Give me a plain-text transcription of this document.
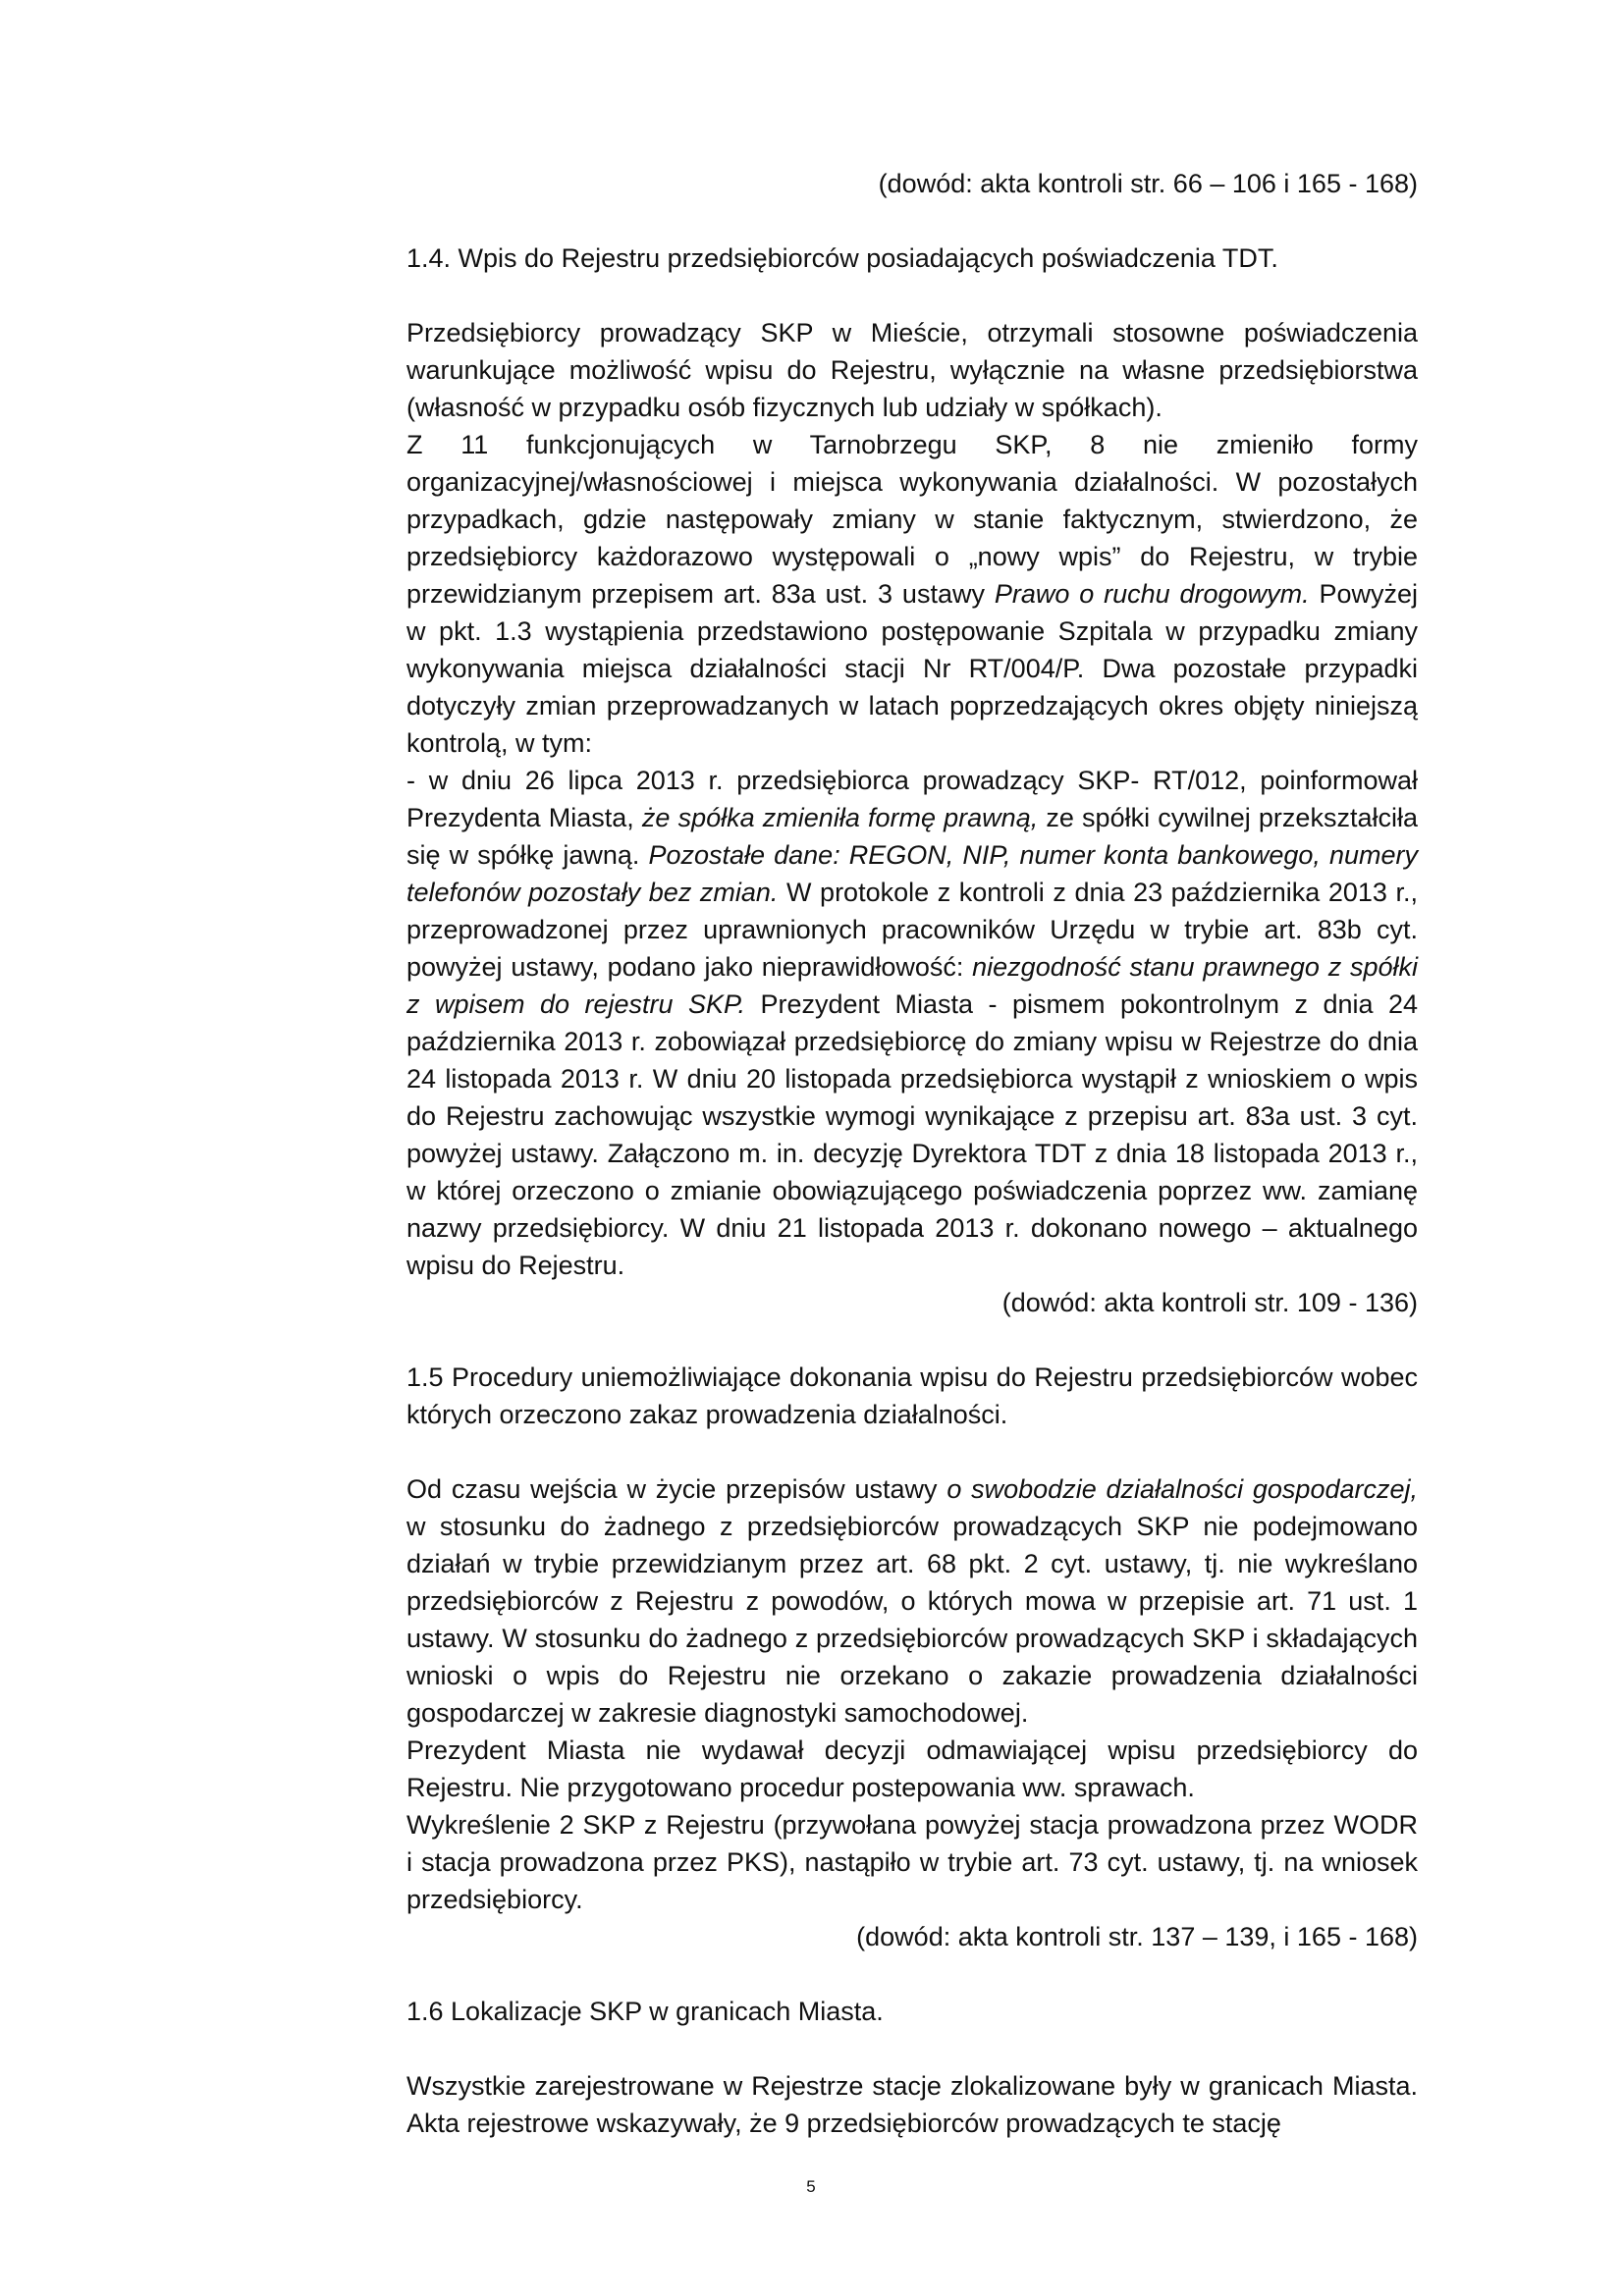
(dowód: akta kontroli str. 66 – 106 i 165 - 168)

1.4. Wpis do Rejestru przedsiębiorców posiadających poświadczenia TDT.

Przedsiębiorcy prowadzący SKP w Mieście, otrzymali stosowne poświadczenia warunkujące możliwość wpisu do Rejestru, wyłącznie na własne przedsiębiorstwa (własność w przypadku osób fizycznych lub udziały w spółkach).

Z 11 funkcjonujących w Tarnobrzegu SKP, 8 nie zmieniło formy organizacyjnej/własnościowej i miejsca wykonywania działalności. W pozostałych przypadkach, gdzie następowały zmiany w stanie faktycznym, stwierdzono, że przedsiębiorcy każdorazowo występowali o „nowy wpis” do Rejestru, w trybie przewidzianym przepisem art. 83a ust. 3 ustawy Prawo o ruchu drogowym. Powyżej w pkt. 1.3 wystąpienia przedstawiono postępowanie Szpitala w przypadku zmiany wykonywania miejsca działalności stacji Nr RT/004/P. Dwa pozostałe przypadki dotyczyły zmian przeprowadzanych w latach poprzedzających okres objęty niniejszą kontrolą, w tym:

- w dniu 26 lipca 2013 r. przedsiębiorca prowadzący SKP- RT/012, poinformował Prezydenta Miasta, że spółka zmieniła formę prawną, ze spółki cywilnej przekształciła się w spółkę jawną. Pozostałe dane: REGON, NIP, numer konta bankowego, numery telefonów pozostały bez zmian. W protokole z kontroli z dnia 23 października 2013 r., przeprowadzonej przez uprawnionych pracowników Urzędu w trybie art. 83b cyt. powyżej ustawy, podano jako nieprawidłowość: niezgodność stanu prawnego z spółki z wpisem do rejestru SKP. Prezydent Miasta - pismem pokontrolnym z dnia 24 października 2013 r. zobowiązał przedsiębiorcę do zmiany wpisu w Rejestrze do dnia 24 listopada 2013 r. W dniu 20 listopada przedsiębiorca wystąpił z wnioskiem o wpis do Rejestru zachowując wszystkie wymogi wynikające z przepisu art. 83a ust. 3 cyt. powyżej ustawy. Załączono m. in. decyzję Dyrektora TDT z dnia 18 listopada 2013 r., w której orzeczono o zmianie obowiązującego poświadczenia poprzez ww. zamianę nazwy przedsiębiorcy. W dniu 21 listopada 2013 r. dokonano nowego – aktualnego wpisu do Rejestru.

(dowód: akta kontroli str. 109 - 136)

1.5 Procedury uniemożliwiające dokonania wpisu do Rejestru przedsiębiorców wobec których orzeczono zakaz prowadzenia działalności.

Od czasu wejścia w życie przepisów ustawy o swobodzie działalności gospodarczej, w stosunku do żadnego z przedsiębiorców prowadzących SKP nie podejmowano działań w trybie przewidzianym przez art. 68 pkt. 2 cyt. ustawy, tj. nie wykreślano przedsiębiorców z Rejestru z powodów, o których mowa w przepisie art. 71 ust. 1 ustawy. W stosunku do żadnego z przedsiębiorców prowadzących SKP i składających wnioski o wpis do Rejestru nie orzekano o zakazie prowadzenia działalności gospodarczej w zakresie diagnostyki samochodowej.

Prezydent Miasta nie wydawał decyzji odmawiającej wpisu przedsiębiorcy do Rejestru. Nie przygotowano procedur postepowania ww. sprawach.

Wykreślenie 2 SKP z Rejestru (przywołana powyżej stacja prowadzona przez WODR i stacja prowadzona przez PKS), nastąpiło w trybie art. 73 cyt. ustawy, tj. na wniosek przedsiębiorcy.

(dowód: akta kontroli str. 137 – 139, i 165 - 168)

1.6 Lokalizacje SKP w granicach Miasta.

Wszystkie zarejestrowane w Rejestrze stacje zlokalizowane były w granicach Miasta. Akta rejestrowe wskazywały, że 9 przedsiębiorców prowadzących te stację

5
